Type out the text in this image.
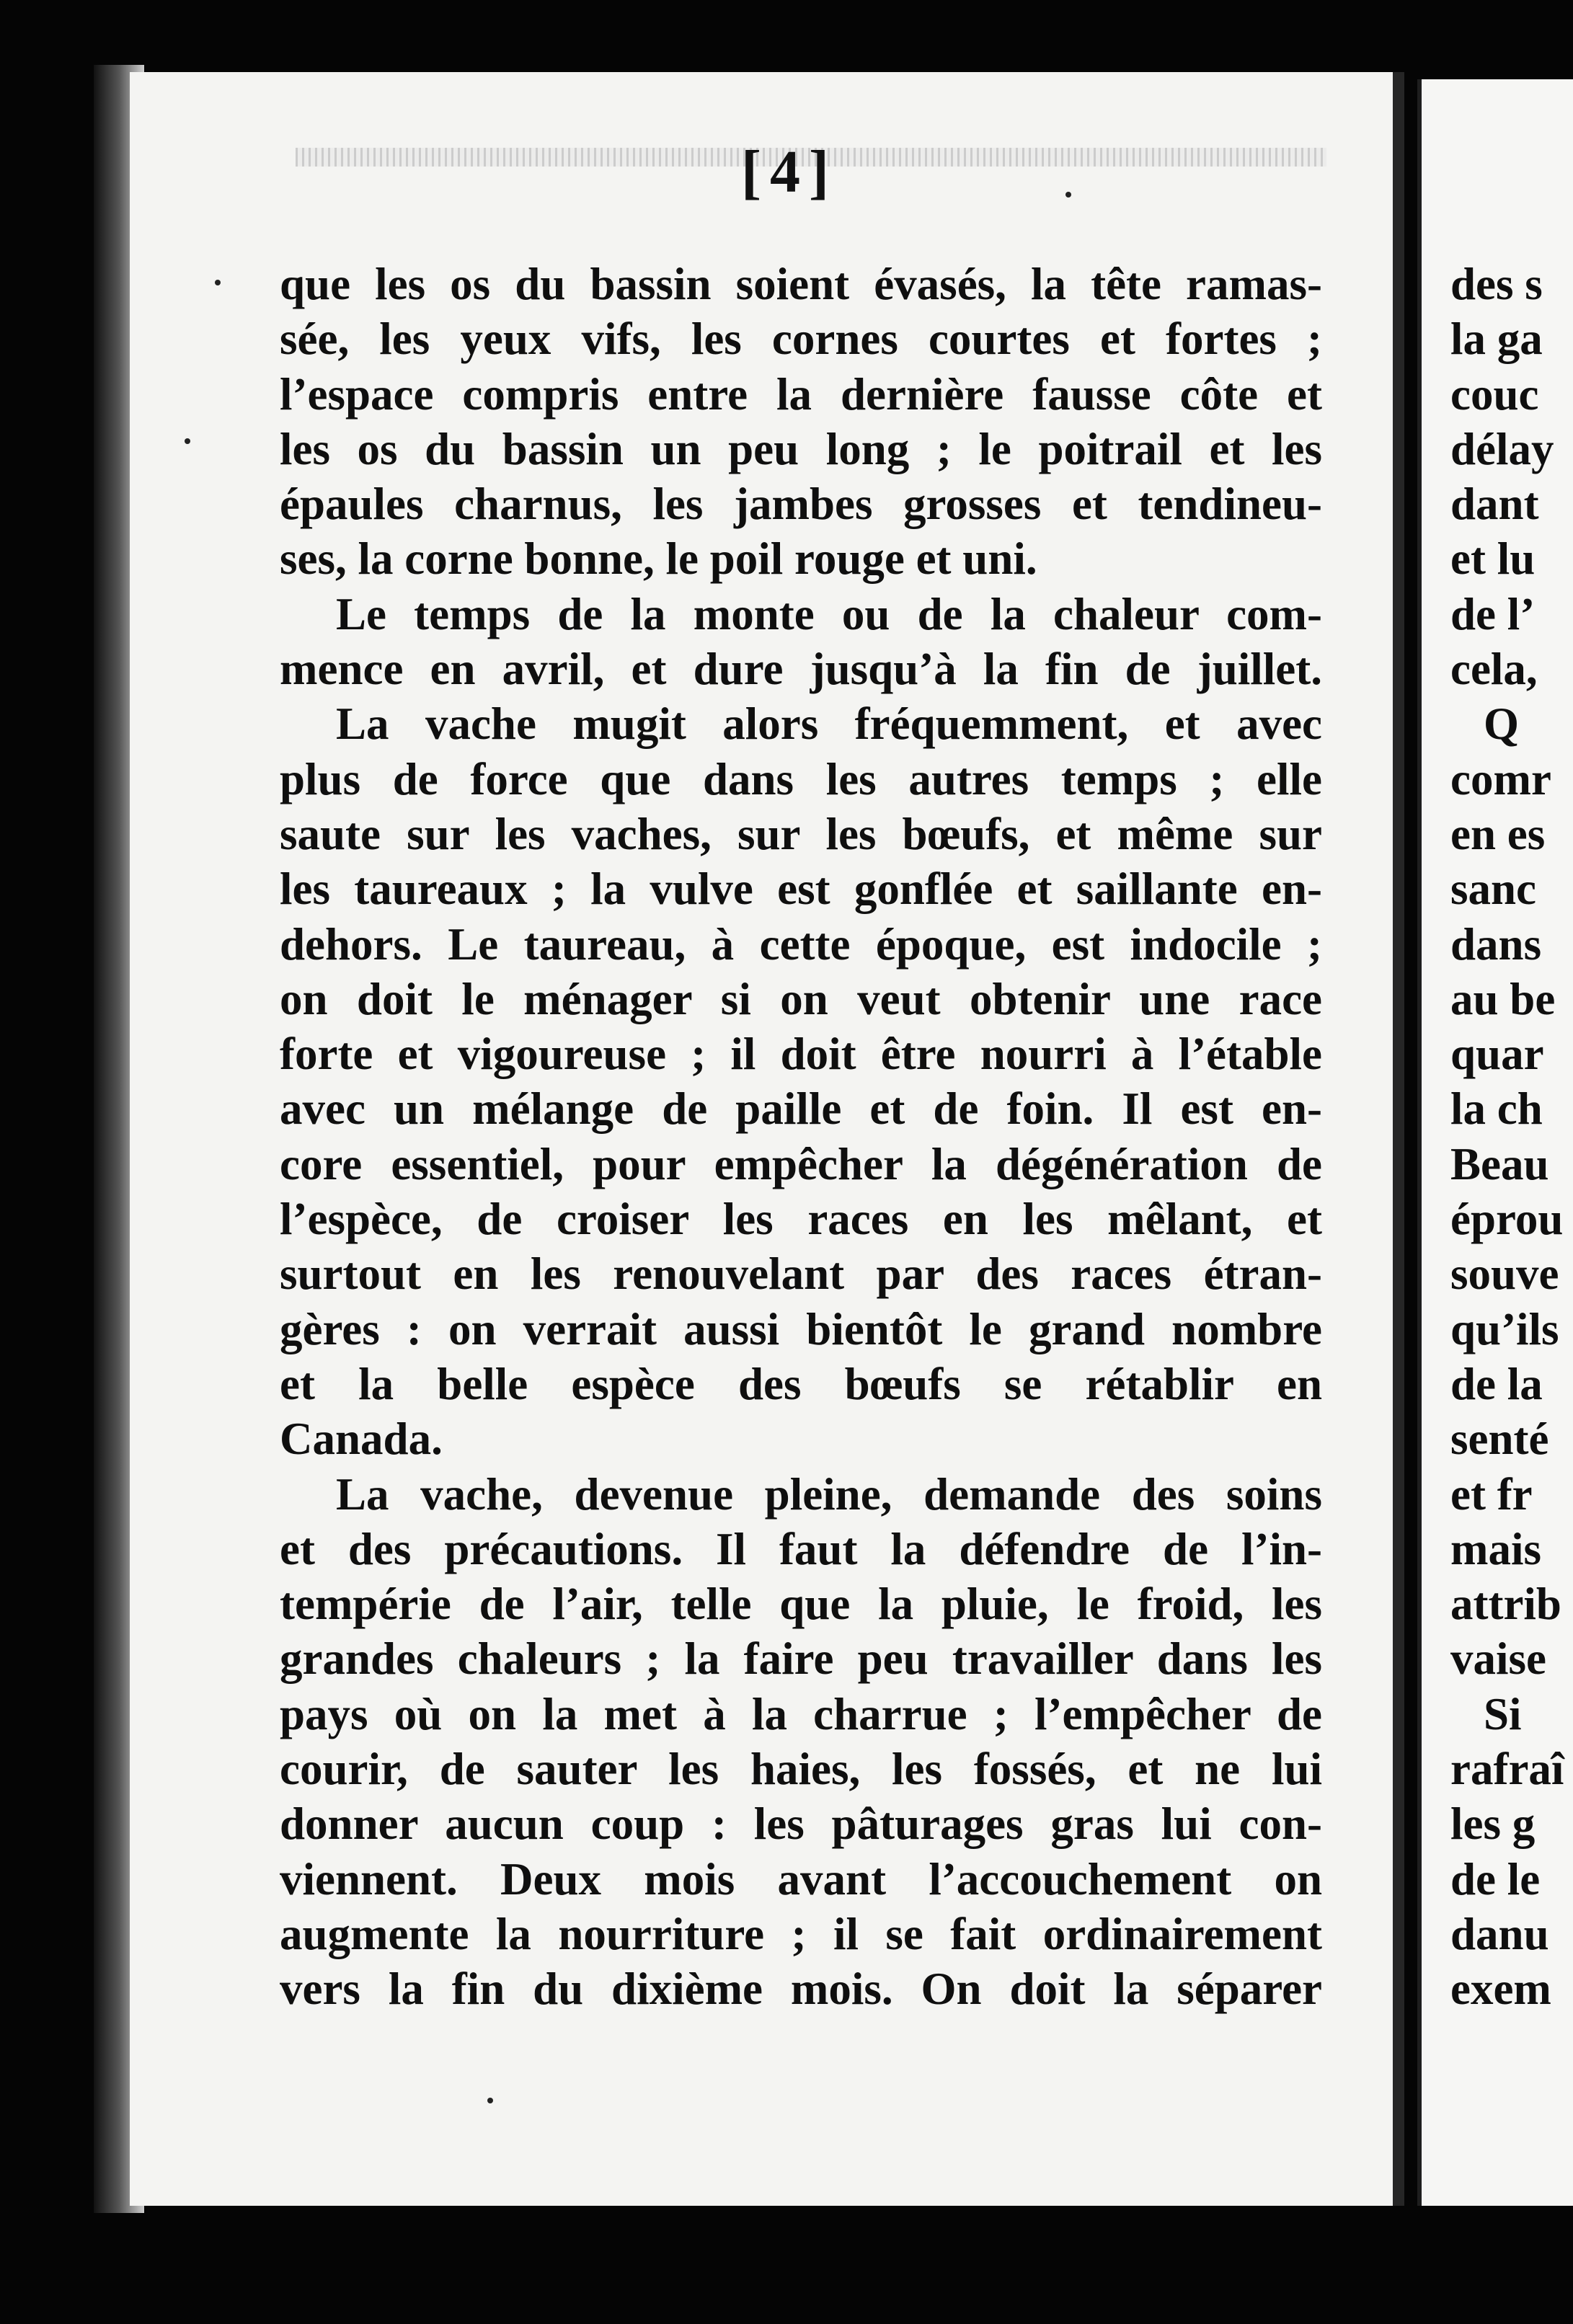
[4]
que les os du bassin soient évasés, la tête ramas-
sée, les yeux vifs, les cornes courtes et fortes ;
l’espace compris entre la dernière fausse côte et
les os du bassin un peu long ; le poitrail et les
épaules charnus, les jambes grosses et tendineu-
ses, la corne bonne, le poil rouge et uni.
Le temps de la monte ou de la chaleur com-
mence en avril, et dure jusqu’à la fin de juillet.
La vache mugit alors fréquemment, et avec
plus de force que dans les autres temps ; elle
saute sur les vaches, sur les bœufs, et même sur
les taureaux ; la vulve est gonflée et saillante en-
dehors. Le taureau, à cette époque, est indocile ;
on doit le ménager si on veut obtenir une race
forte et vigoureuse ; il doit être nourri à l’étable
avec un mélange de paille et de foin. Il est en-
core essentiel, pour empêcher la dégénération de
l’espèce, de croiser les races en les mêlant, et
surtout en les renouvelant par des races étran-
gères : on verrait aussi bientôt le grand nombre
et la belle espèce des bœufs se rétablir en
Canada.
La vache, devenue pleine, demande des soins
et des précautions. Il faut la défendre de l’in-
tempérie de l’air, telle que la pluie, le froid, les
grandes chaleurs ; la faire peu travailler dans les
pays où on la met à la charrue ; l’empêcher de
courir, de sauter les haies, les fossés, et ne lui
donner aucun coup : les pâturages gras lui con-
viennent. Deux mois avant l’accouchement on
augmente la nourriture ; il se fait ordinairement
vers la fin du dixième mois. On doit la séparer
des s
la ga
couc
délay
dant
et lu
de l’
cela,
Q
comr
en es
sanc
dans
au be
quar
la ch
Beau
éprou
souve
qu’ils
de la
senté
et fr
mais
attrib
vaise
Si
rafraî
les g
de le
danu
exem
